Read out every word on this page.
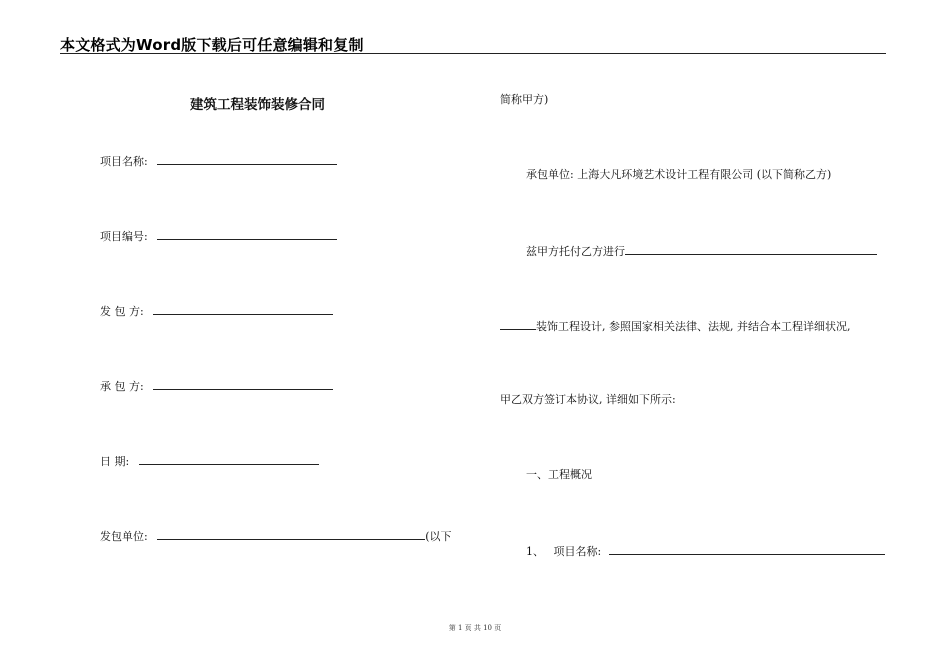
本文格式为Word版下载后可任意编辑和复制
建筑工程装饰装修合同
项目名称:
项目编号:
发 包 方:
承 包 方:
日 期:
发包单位:	(以下
简称甲方)
承包单位: 上海大凡环境艺术设计工程有限公司 (以下简称乙方)
兹甲方托付乙方进行
装饰工程设计, 参照国家相关法律、法规, 并结合本工程详细状况,
甲乙双方签订本协议, 详细如下所示:
一、工程概况
1、 项目名称:
第 1 页 共 10 页
